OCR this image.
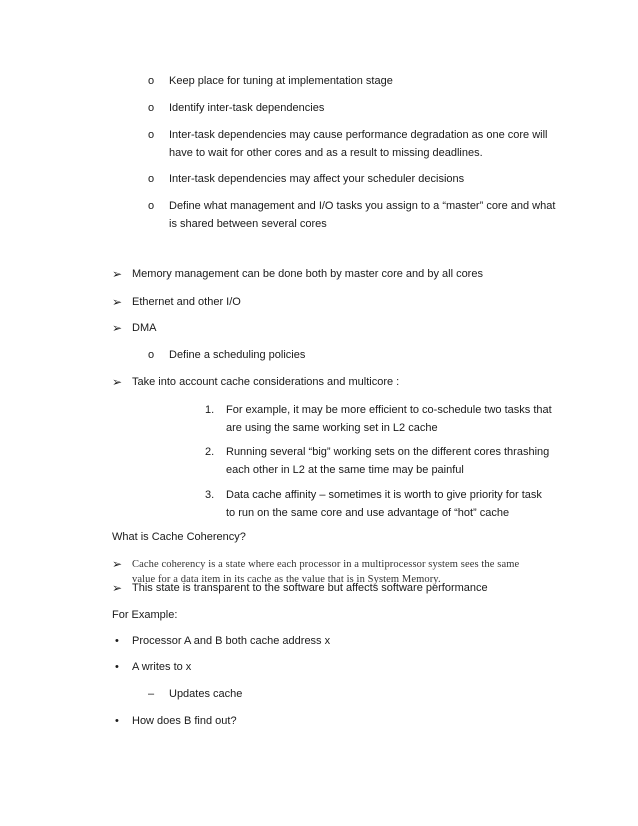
o Keep place for tuning at implementation stage
o Identify inter-task dependencies
o Inter-task dependencies may cause performance degradation as one core will
have to wait for other cores and as a result to missing deadlines.
o Inter-task dependencies may affect your scheduler decisions
o Define what management and I/O tasks you assign to a “master” core and what
is shared between several cores
➢ Memory management can be done both by master core and by all cores
➢ Ethernet and other I/O
➢ DMA
o Define a scheduling policies
➢ Take into account cache considerations and multicore :
1. For example, it may be more efficient to co-schedule two tasks that
are using the same working set in L2 cache
2. Running several “big” working sets on the different cores thrashing
each other in L2 at the same time may be painful
3. Data cache affinity – sometimes it is worth to give priority for task
to run on the same core and use advantage of “hot” cache
What is Cache Coherency?
➢ Cache coherency is a state where each processor in a multiprocessor system sees the same
value for a data item in its cache as the value that is in System Memory.
➢ This state is transparent to the software but affects software performance
For Example:
• Processor A and B both cache address x
• A writes to x
– Updates cache
• How does B find out?
